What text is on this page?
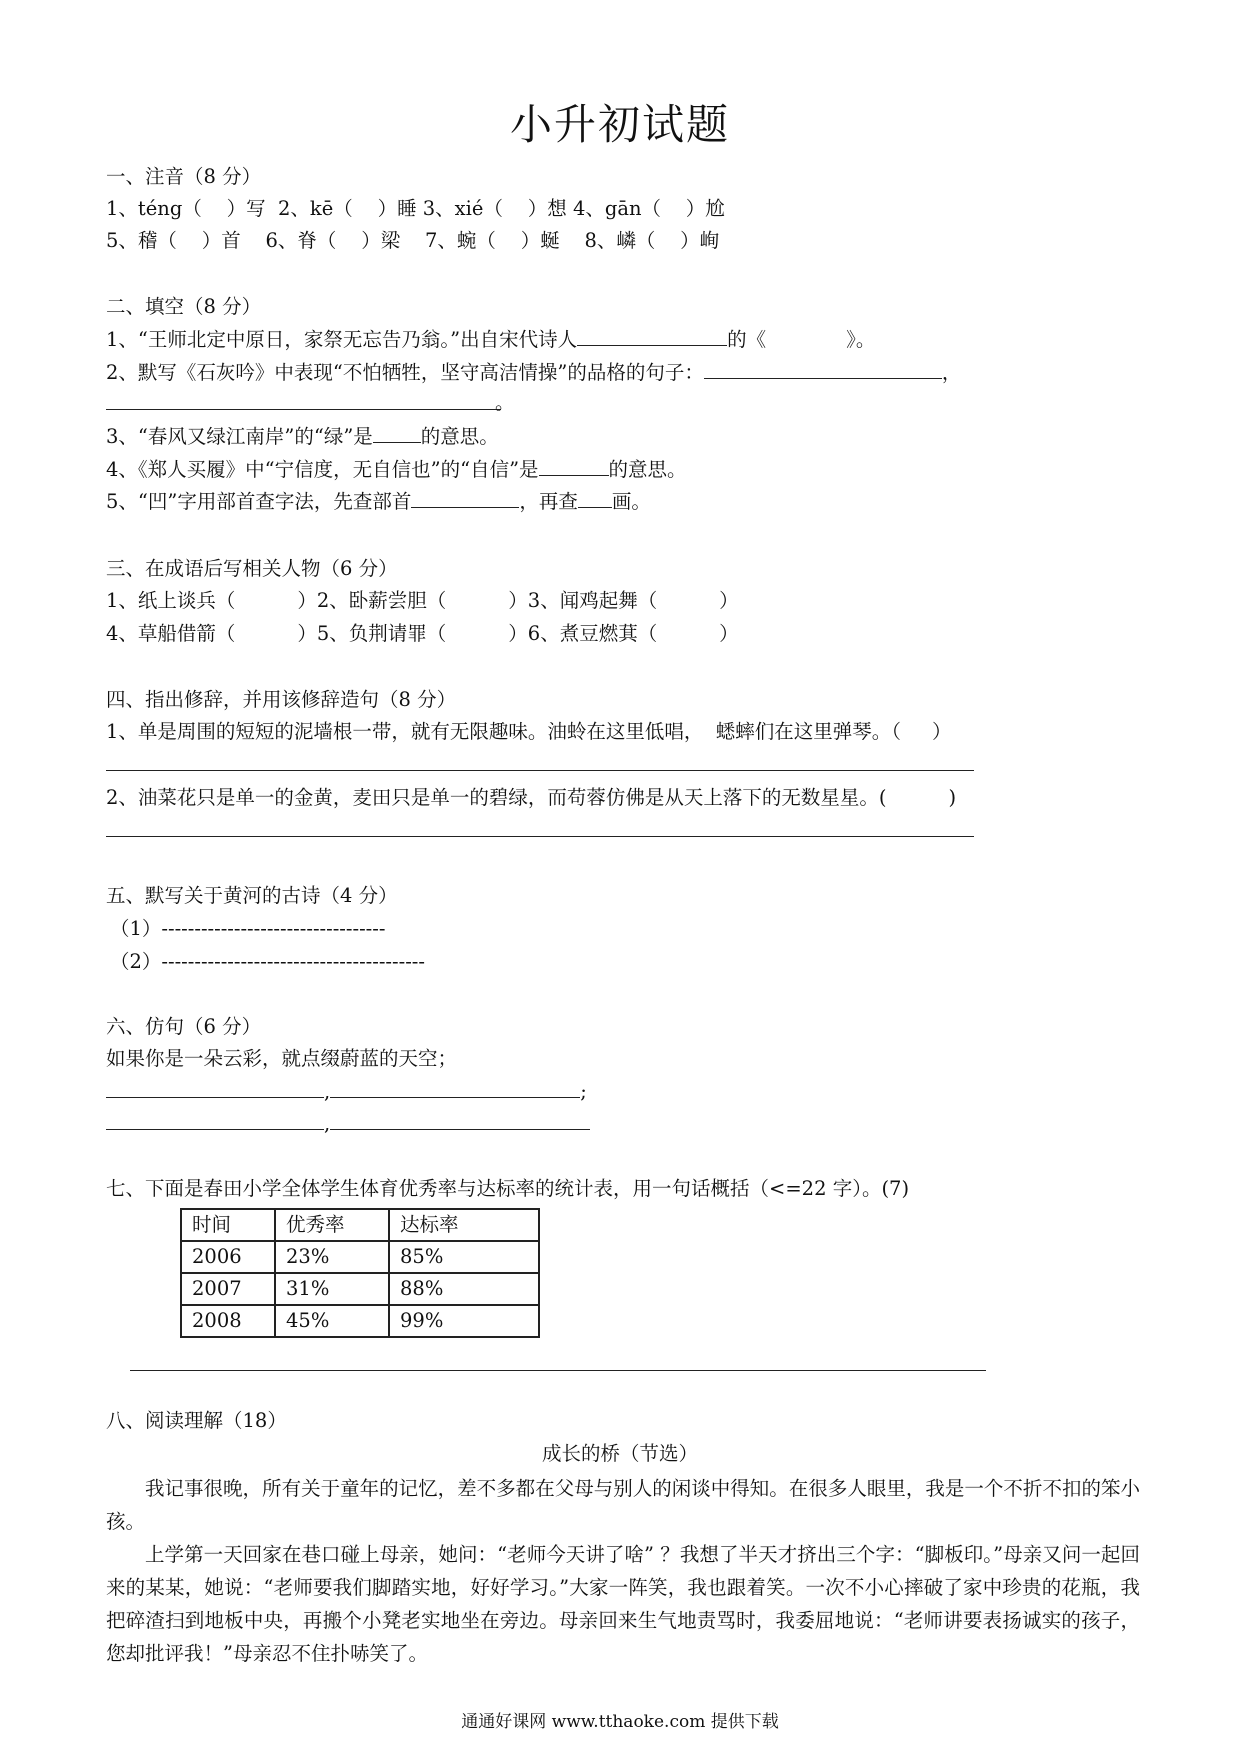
小升初试题
一、注音（8 分）
1、téng（    ）写  2、kē（    ）睡 3、xié（    ）想 4、gān（    ）尬
5、稽（    ）首    6、脊（    ）梁    7、蜿（    ）蜒    8、嶙（    ）峋
二、填空（8 分）
1、“王师北定中原日，家祭无忘告乃翁。”出自宋代诗人	的《	》。
2、默写《石灰吟》中表现“不怕牺牲，坚守高洁情操”的品格的句子：	，
。
3、“春风又绿江南岸”的“绿”是 的意思。
4、《郑人买履》中“宁信度，无自信也”的“自信”是	的意思。
5、“凹”字用部首查字法，先查部首	，再查 画。
三、在成语后写相关人物（6 分）
1、纸上谈兵（          ）2、卧薪尝胆（          ）3、闻鸡起舞（          ）
4、草船借箭（          ）5、负荆请罪（          ）6、煮豆燃萁（          ）
四、指出修辞，并用该修辞造句（8 分）
1、单是周围的短短的泥墙根一带，就有无限趣味。油蛉在这里低唱，  蟋蟀们在这里弹琴。（     ）
2、油菜花只是单一的金黄，麦田只是单一的碧绿，而苟蓉仿佛是从天上落下的无数星星。(          )
五、默写关于黄河的古诗（4 分）
（1）----------------------------------
（2）----------------------------------------
六、仿句（6 分）
如果你是一朵云彩，就点缀蔚蓝的天空；
,	;
,
七、下面是春田小学全体学生体育优秀率与达标率的统计表，用一句话概括（<=22 字）。(7)
时间	优秀率	达标率
2006	23%	85%
2007	31%	88%
2008	45%	99%
八、阅读理解（18）
成长的桥（节选）
我记事很晚，所有关于童年的记忆，差不多都在父母与别人的闲谈中得知。在很多人眼里，我是一个不折不扣的笨小孩。
上学第一天回家在巷口碰上母亲，她问：“老师今天讲了啥” ？我想了半天才挤出三个字：“脚板印。”母亲又问一起回来的某某，她说：“老师要我们脚踏实地，好好学习。”大家一阵笑，我也跟着笑。一次不小心摔破了家中珍贵的花瓶，我把碎渣扫到地板中央，再搬个小凳老实地坐在旁边。母亲回来生气地责骂时，我委屈地说：“老师讲要表扬诚实的孩子，您却批评我！”母亲忍不住扑哧笑了。
通通好课网 www.tthaoke.com 提供下载
